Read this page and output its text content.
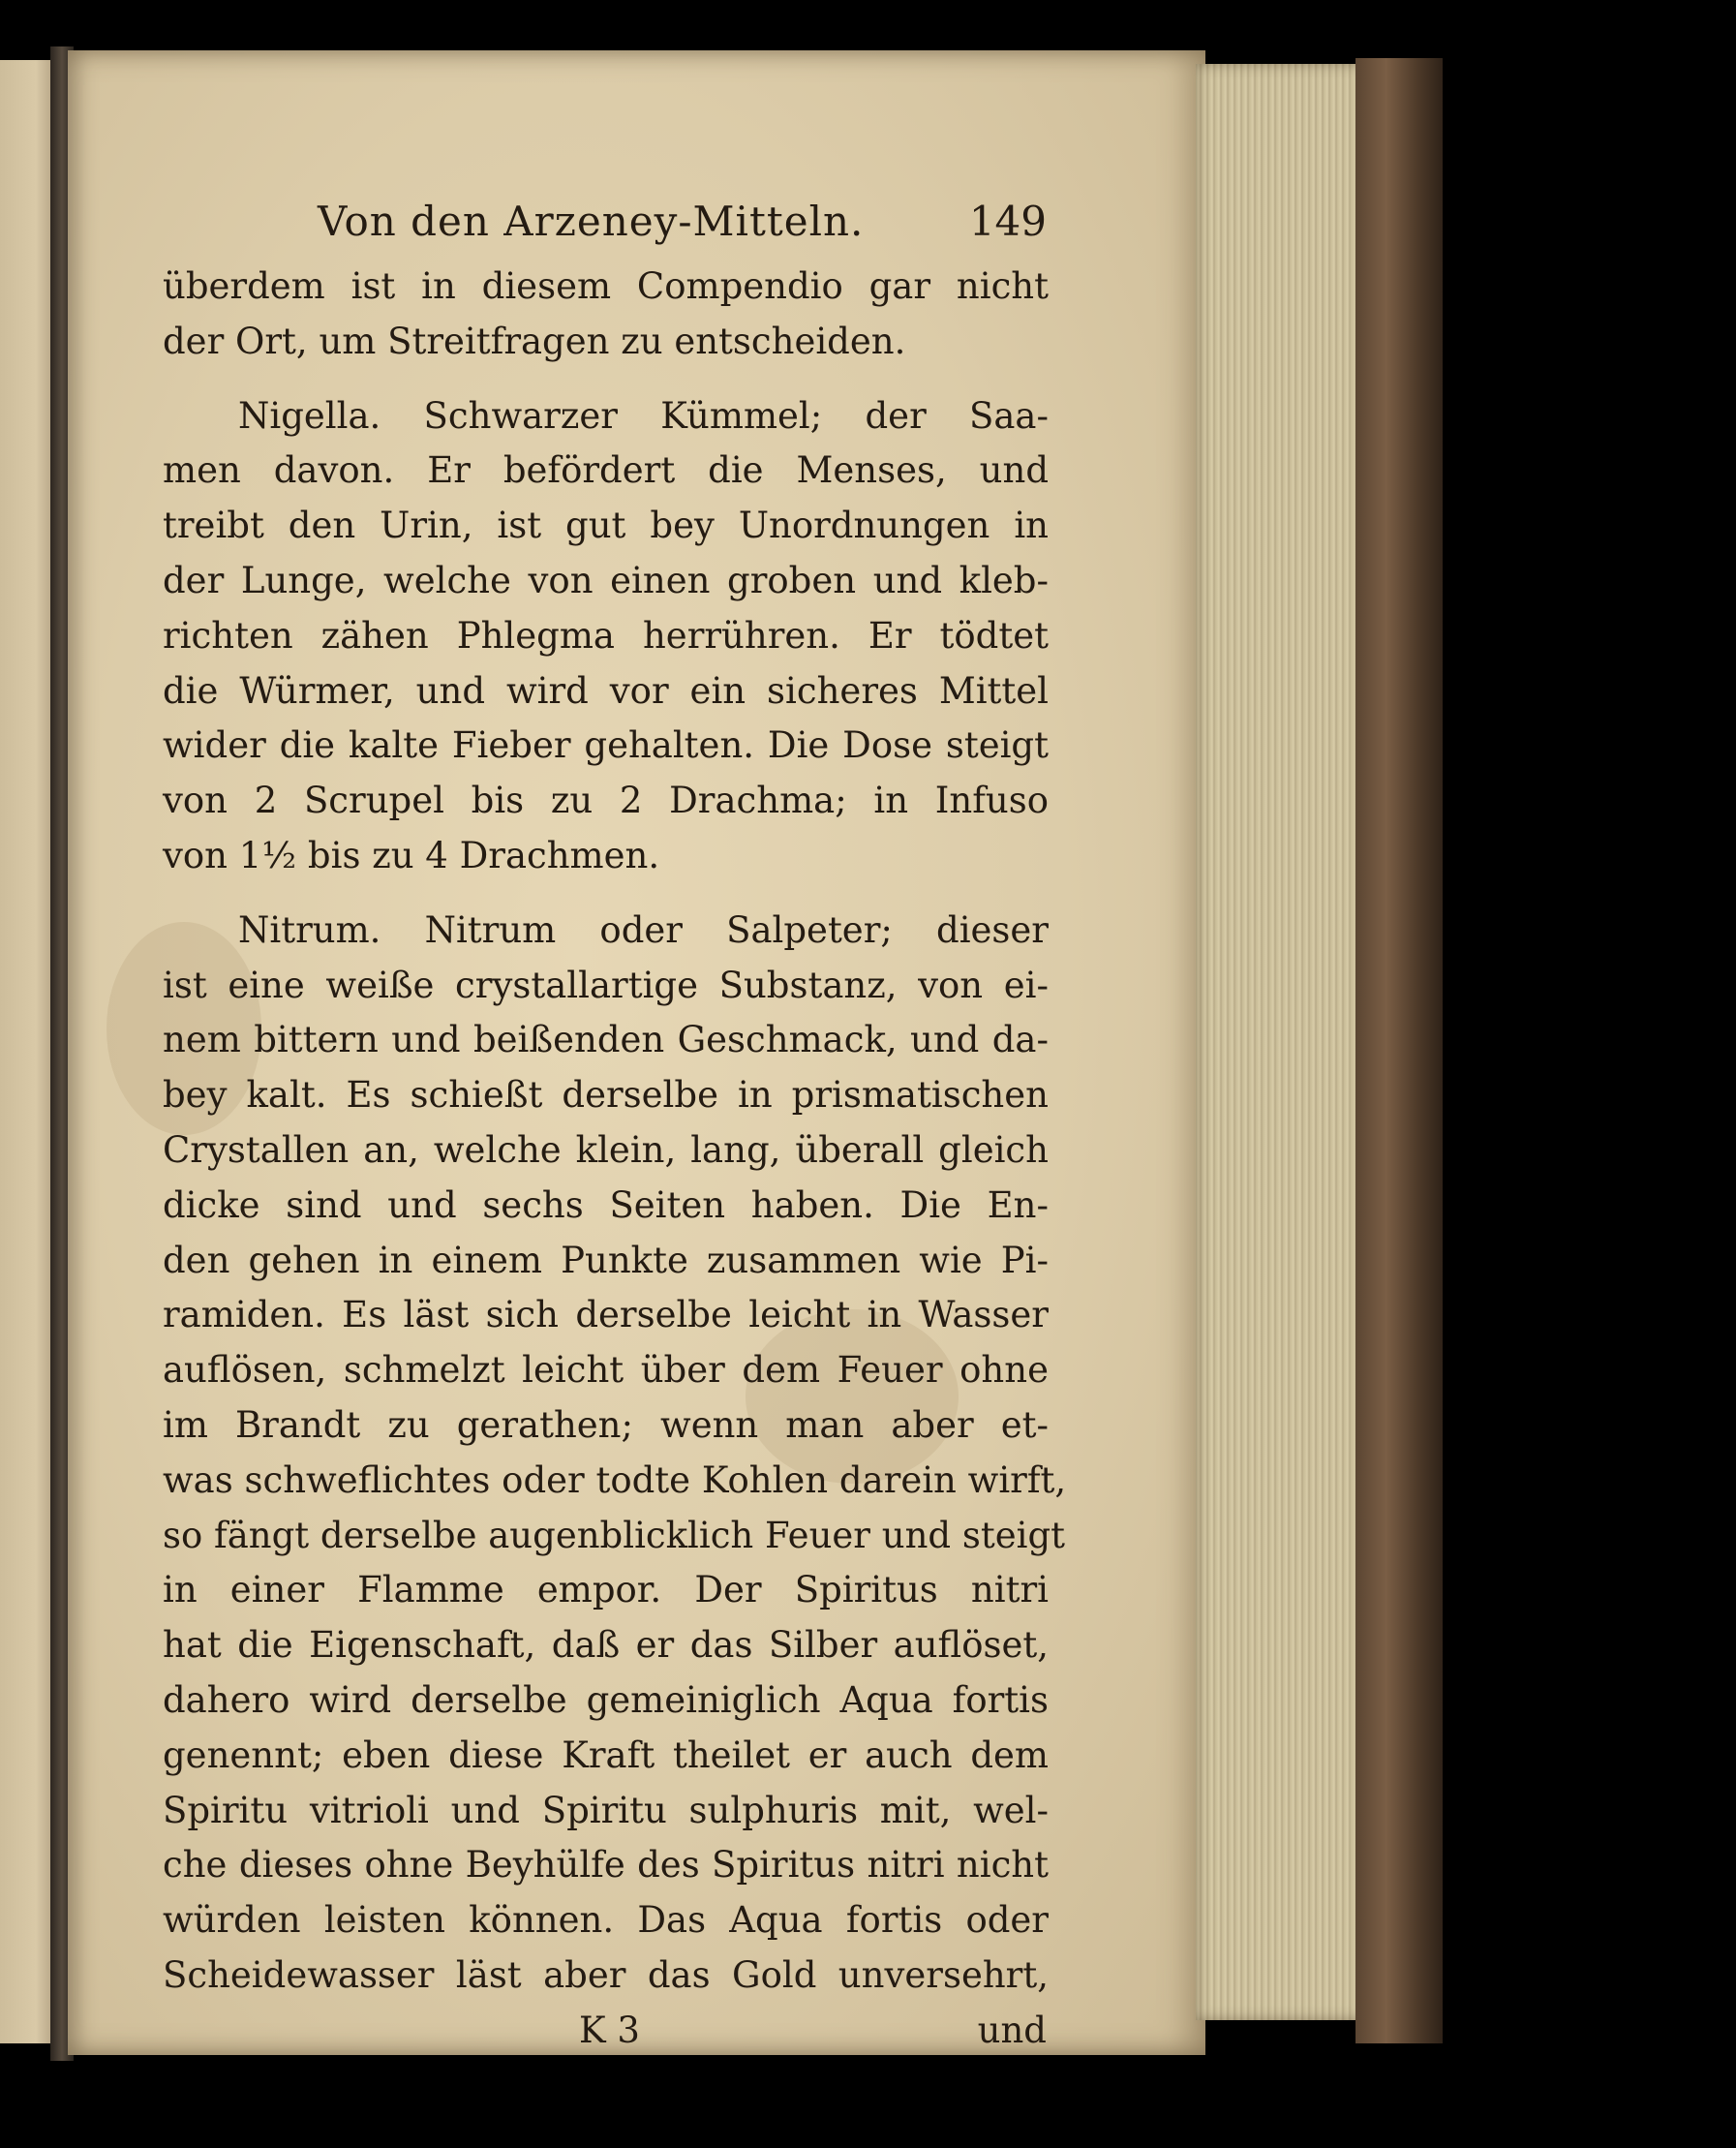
Von den Arzeney-Mitteln.	149
überdem ist in diesem Compendio gar nicht
der Ort, um Streitfragen zu entscheiden.
Nigella. Schwarzer Kümmel; der Saa-
men davon. Er befördert die Menses, und
treibt den Urin, ist gut bey Unordnungen in
der Lunge, welche von einen groben und kleb-
richten zähen Phlegma herrühren. Er tödtet
die Würmer, und wird vor ein sicheres Mittel
wider die kalte Fieber gehalten. Die Dose steigt
von 2 Scrupel bis zu 2 Drachma; in Infuso
von 1½ bis zu 4 Drachmen.
Nitrum. Nitrum oder Salpeter; dieser
ist eine weiße crystallartige Substanz, von ei-
nem bittern und beißenden Geschmack, und da-
bey kalt. Es schießt derselbe in prismatischen
Crystallen an, welche klein, lang, überall gleich
dicke sind und sechs Seiten haben. Die En-
den gehen in einem Punkte zusammen wie Pi-
ramiden. Es läst sich derselbe leicht in Wasser
auflösen, schmelzt leicht über dem Feuer ohne
im Brandt zu gerathen; wenn man aber et-
was schweflichtes oder todte Kohlen darein wirft,
so fängt derselbe augenblicklich Feuer und steigt
in einer Flamme empor. Der Spiritus nitri
hat die Eigenschaft, daß er das Silber auflöset,
dahero wird derselbe gemeiniglich Aqua fortis
genennt; eben diese Kraft theilet er auch dem
Spiritu vitrioli und Spiritu sulphuris mit, wel-
che dieses ohne Beyhülfe des Spiritus nitri nicht
würden leisten können. Das Aqua fortis oder
Scheidewasser läst aber das Gold unversehrt,
K 3	und
